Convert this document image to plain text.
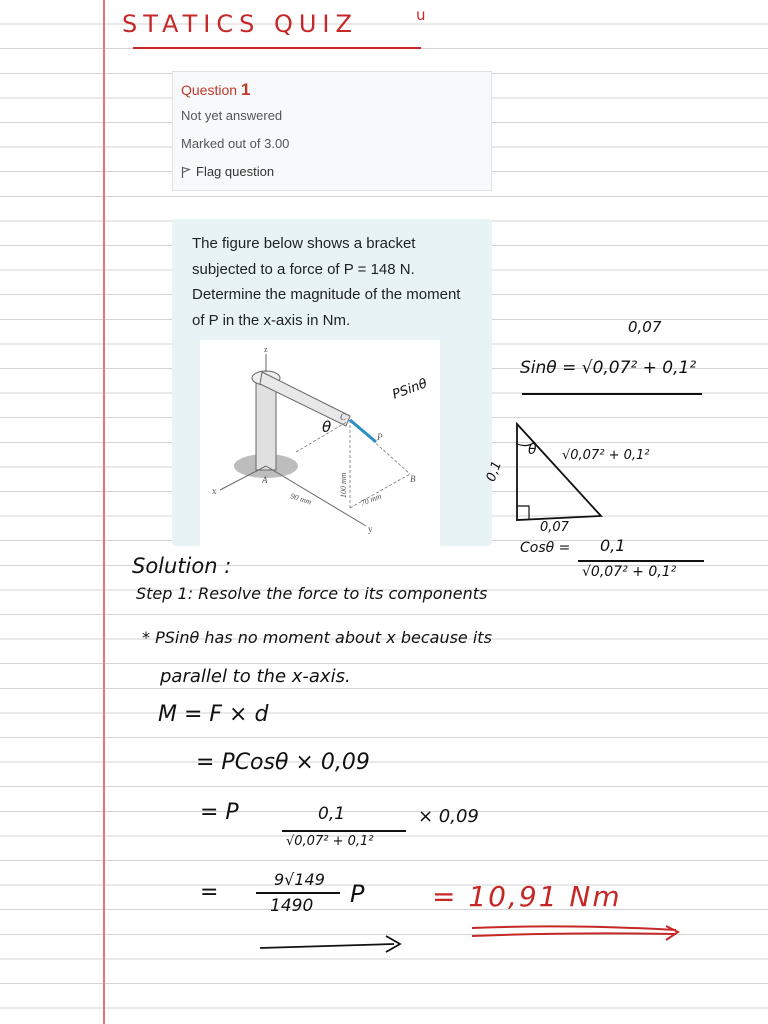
STATICS QUIZ	u
Question 1
Not yet answered
Marked out of 3.00
Flag question

The figure below shows a bracket subjected to a force of P = 148 N. Determine the magnitude of the moment of P in the x-axis in Nm.

z
x
y
A	B
C
P
90 mm	70 mm
100 mm
PSinθ
θ
0,07
Sinθ = √0,07² + 0,1²
θ √0,07² + 0,1²
0,1
0,07
Cosθ = 0,1
√0,07² + 0,1²
Solution :
Step 1: Resolve the force to its components
* PSinθ has no moment about x because its
parallel to the x-axis.
M = F × d
= PCosθ × 0,09
= P	0,1
√0,07² + 0,1²
× 0,09
=
9√149
1490 P = 10,91 Nm
